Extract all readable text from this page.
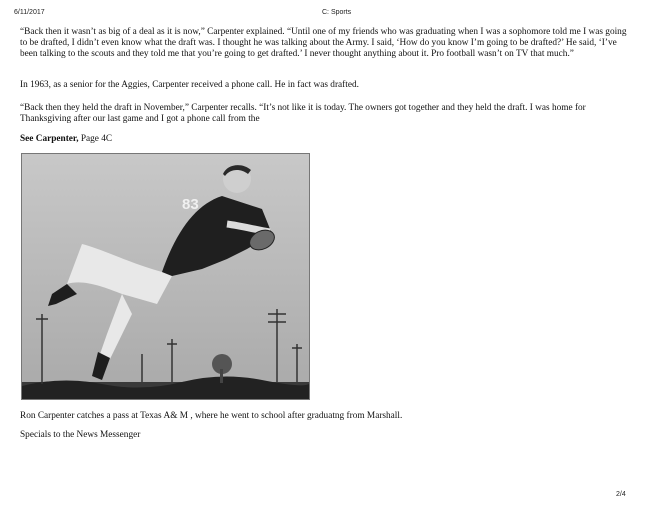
6/11/2017	C: Sports

“Back then it wasn’t as big of a deal as it is now,” Carpenter explained. “Until one of my friends who was graduating when I was a sophomore told me I was going to be drafted, I didn’t even know what the draft was. I thought he was talking about the Army. I said, ‘How do you know I’m going to be drafted?’ He said, ‘I’ve been talking to the scouts and they told me that you’re going to get drafted.’ I never thought anything about it. Pro football wasn’t on TV that much.”

In 1963, as a senior for the Aggies, Carpenter received a phone call. He in fact was drafted.

“Back then they held the draft in November,” Carpenter recalls. “It’s not like it is today. The owners got together and they held the draft. I was home for Thanksgiving after our last game and I got a phone call from the

See Carpenter, Page 4C
83
Ron Carpenter catches a pass at Texas A& M , where he went to school after graduatng from Marshall.
Specials to the News Messenger
2/4
